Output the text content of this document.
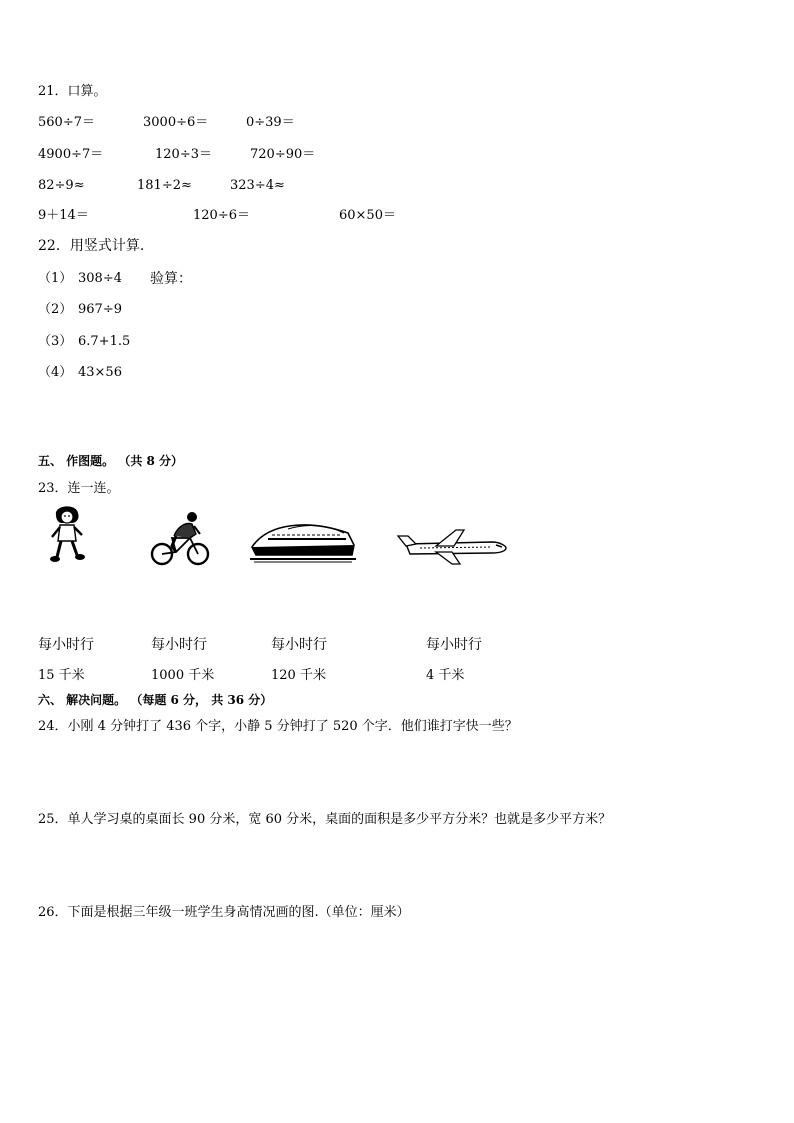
21．口算。
560÷7＝	3000÷6＝	0÷39＝
4900÷7＝	120÷3＝	720÷90＝
82÷9≈	181÷2≈	323÷4≈
9＋14＝	120÷6＝	60×50＝
22．用竖式计算.
（1） 308÷4 验算：
（2） 967÷9
（3） 6.7+1.5
（4） 43×56
五、 作图题。 （共 8 分）
23．连一连。
每小时行	每小时行	每小时行	每小时行
15 千米	1000 千米	120 千米	4 千米
六、 解决问题。 （每题 6 分， 共 36 分）
24．小刚 4 分钟打了 436 个字，小静 5 分钟打了 520 个字．他们谁打字快一些？
25．单人学习桌的桌面长 90 分米，宽 60 分米，桌面的面积是多少平方分米？也就是多少平方米？
26．下面是根据三年级一班学生身高情况画的图.（单位：厘米）
